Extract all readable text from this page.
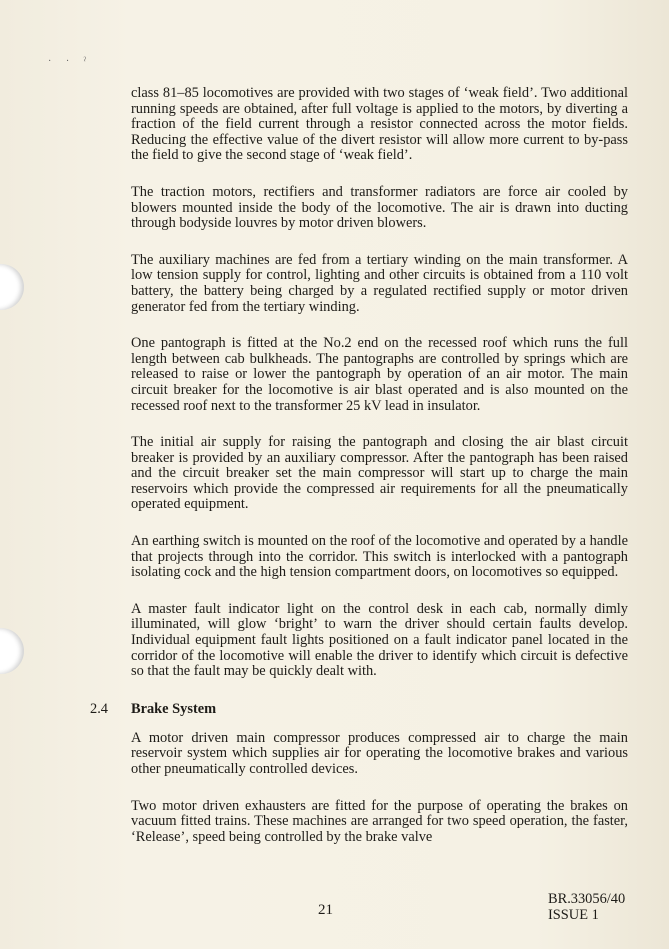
· · ˀ

class 81–85 locomotives are provided with two stages of ‘weak field’. Two additional running speeds are obtained, after full voltage is applied to the motors, by diverting a fraction of the field current through a resistor connected across the motor fields. Reducing the effective value of the divert resistor will allow more current to by-pass the field to give the second stage of ‘weak field’.

The traction motors, rectifiers and transformer radiators are force air cooled by blowers mounted inside the body of the locomotive. The air is drawn into ducting through bodyside louvres by motor driven blowers.

The auxiliary machines are fed from a tertiary winding on the main transformer. A low tension supply for control, lighting and other circuits is obtained from a 110 volt battery, the battery being charged by a regulated rectified supply or motor driven generator fed from the tertiary winding.

One pantograph is fitted at the No.2 end on the recessed roof which runs the full length between cab bulkheads. The pantographs are controlled by springs which are released to raise or lower the pantograph by operation of an air motor. The main circuit breaker for the locomotive is air blast operated and is also mounted on the recessed roof next to the transformer 25 kV lead in insulator.

The initial air supply for raising the pantograph and closing the air blast circuit breaker is provided by an auxiliary compressor. After the pantograph has been raised and the circuit breaker set the main compressor will start up to charge the main reservoirs which provide the compressed air requirements for all the pneumatically operated equipment.

An earthing switch is mounted on the roof of the locomotive and operated by a handle that projects through into the corridor. This switch is interlocked with a pantograph isolating cock and the high tension compartment doors, on locomotives so equipped.

A master fault indicator light on the control desk in each cab, normally dimly illuminated, will glow ‘bright’ to warn the driver should certain faults develop. Individual equipment fault lights positioned on a fault indicator panel located in the corridor of the locomotive will enable the driver to identify which circuit is defective so that the fault may be quickly dealt with.

2.4 Brake System

A motor driven main compressor produces compressed air to charge the main reservoir system which supplies air for operating the locomotive brakes and various other pneumatically controlled devices.

Two motor driven exhausters are fitted for the purpose of operating the brakes on vacuum fitted trains. These machines are arranged for two speed operation, the faster, ‘Release’, speed being controlled by the brake valve

21
BR.33056/40
ISSUE 1
